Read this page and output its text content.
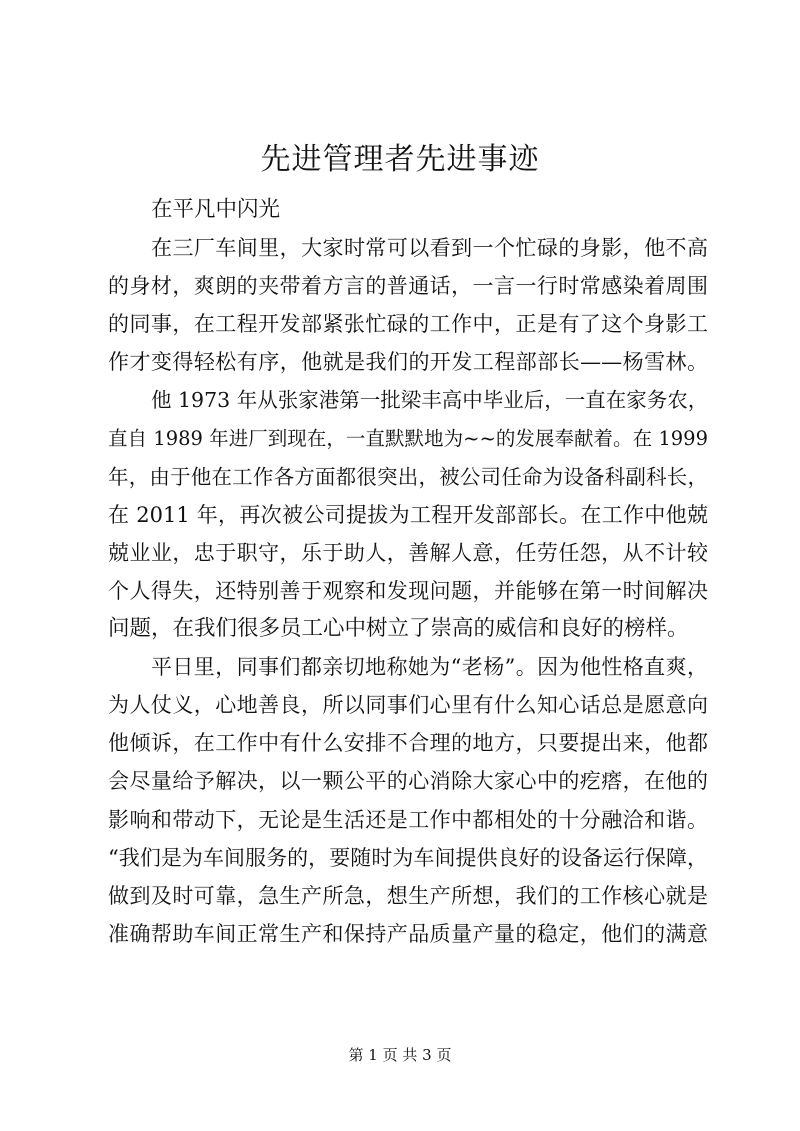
先进管理者先进事迹
在平凡中闪光
在三厂车间里，大家时常可以看到一个忙碌的身影，他不高
的身材，爽朗的夹带着方言的普通话，一言一行时常感染着周围
的同事，在工程开发部紧张忙碌的工作中，正是有了这个身影工
作才变得轻松有序，他就是我们的开发工程部部长——杨雪林。
他 1973 年从张家港第一批梁丰高中毕业后，一直在家务农，
直自 1989 年进厂到现在，一直默默地为~~的发展奉献着。在 1999
年，由于他在工作各方面都很突出，被公司任命为设备科副科长，
在 2011 年，再次被公司提拔为工程开发部部长。在工作中他兢
兢业业，忠于职守，乐于助人，善解人意，任劳任怨，从不计较
个人得失，还特别善于观察和发现问题，并能够在第一时间解决
问题，在我们很多员工心中树立了崇高的威信和良好的榜样。
平日里，同事们都亲切地称她为“老杨”。因为他性格直爽，
为人仗义，心地善良，所以同事们心里有什么知心话总是愿意向
他倾诉，在工作中有什么安排不合理的地方，只要提出来，他都
会尽量给予解决，以一颗公平的心消除大家心中的疙瘩，在他的
影响和带动下，无论是生活还是工作中都相处的十分融洽和谐。
“我们是为车间服务的，要随时为车间提供良好的设备运行保障，
做到及时可靠，急生产所急，想生产所想，我们的工作核心就是
准确帮助车间正常生产和保持产品质量产量的稳定，他们的满意
第 1 页 共 3 页
